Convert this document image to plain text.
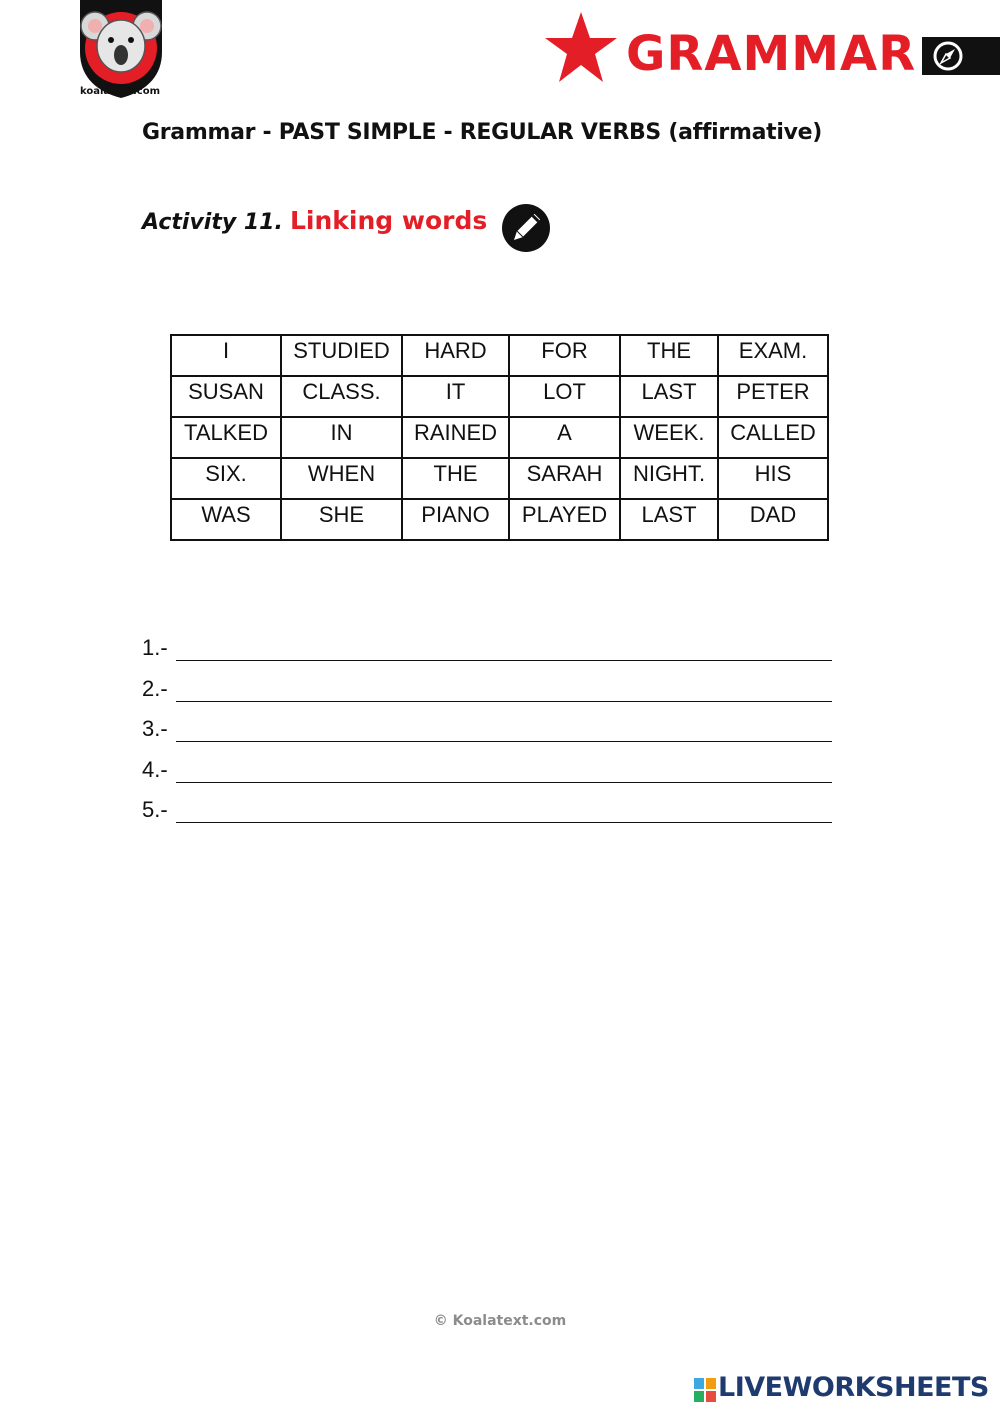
koalatext.com
GRAMMAR
Grammar - PAST SIMPLE - REGULAR VERBS (affirmative)
Activity 11. Linking words
I	STUDIED	HARD	FOR	THE	EXAM.
SUSAN	CLASS.	IT	LOT	LAST	PETER
TALKED	IN	RAINED	A	WEEK.	CALLED
SIX.	WHEN	THE	SARAH	NIGHT.	HIS
WAS	SHE	PIANO	PLAYED	LAST	DAD
1.-
2.-
3.-
4.-
5.-
© Koalatext.com
LIVEWORKSHEETS
